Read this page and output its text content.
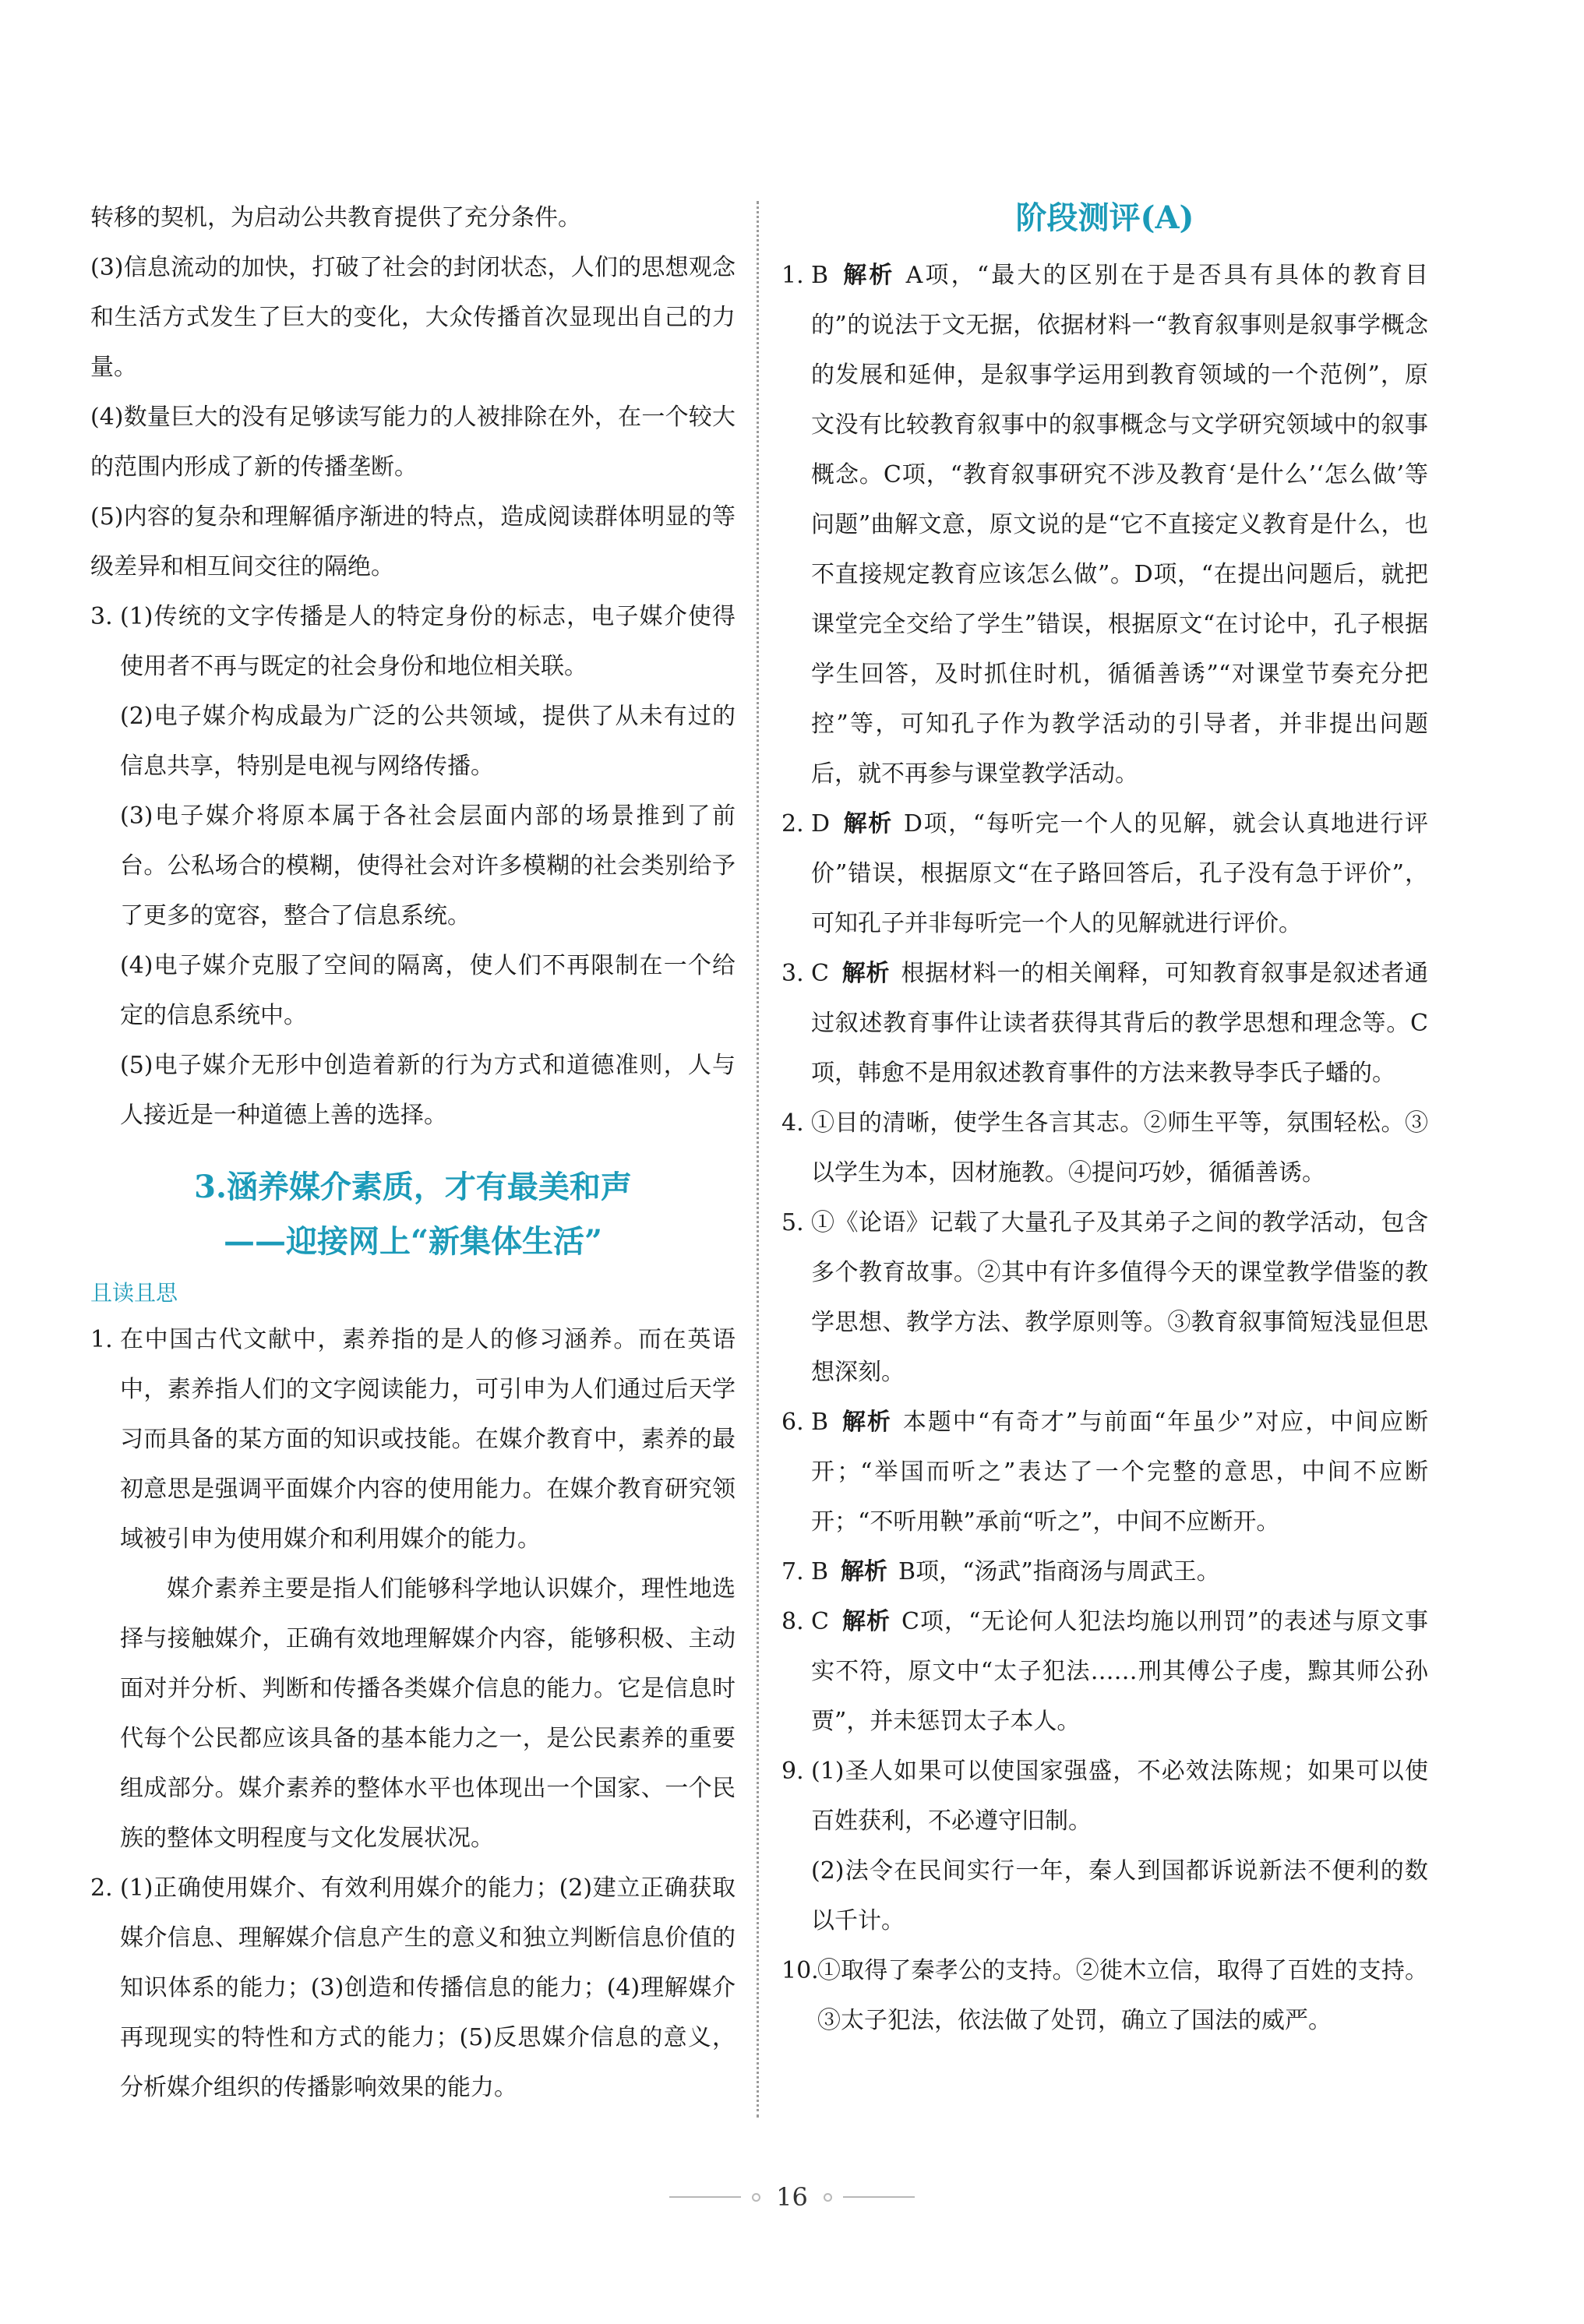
转移的契机，为启动公共教育提供了充分条件。

(3)信息流动的加快，打破了社会的封闭状态，人们的思想观念和生活方式发生了巨大的变化，大众传播首次显现出自己的力量。

(4)数量巨大的没有足够读写能力的人被排除在外，在一个较大的范围内形成了新的传播垄断。

(5)内容的复杂和理解循序渐进的特点，造成阅读群体明显的等级差异和相互间交往的隔绝。

3. (1)传统的文字传播是人的特定身份的标志，电子媒介使得使用者不再与既定的社会身份和地位相关联。

(2)电子媒介构成最为广泛的公共领域，提供了从未有过的信息共享，特别是电视与网络传播。

(3)电子媒介将原本属于各社会层面内部的场景推到了前台。公私场合的模糊，使得社会对许多模糊的社会类别给予了更多的宽容，整合了信息系统。

(4)电子媒介克服了空间的隔离，使人们不再限制在一个给定的信息系统中。

(5)电子媒介无形中创造着新的行为方式和道德准则，人与人接近是一种道德上善的选择。

3.涵养媒介素质，才有最美和声
——迎接网上“新集体生活”
且读且思
1. 在中国古代文献中，素养指的是人的修习涵养。而在英语中，素养指人们的文字阅读能力，可引申为人们通过后天学习而具备的某方面的知识或技能。在媒介教育中，素养的最初意思是强调平面媒介内容的使用能力。在媒介教育研究领域被引申为使用媒介和利用媒介的能力。

媒介素养主要是指人们能够科学地认识媒介，理性地选择与接触媒介，正确有效地理解媒介内容，能够积极、主动面对并分析、判断和传播各类媒介信息的能力。它是信息时代每个公民都应该具备的基本能力之一，是公民素养的重要组成部分。媒介素养的整体水平也体现出一个国家、一个民族的整体文明程度与文化发展状况。

2. (1)正确使用媒介、有效利用媒介的能力；(2)建立正确获取媒介信息、理解媒介信息产生的意义和独立判断信息价值的知识体系的能力；(3)创造和传播信息的能力；(4)理解媒介再现现实的特性和方式的能力；(5)反思媒介信息的意义，分析媒介组织的传播影响效果的能力。

阶段测评(A)
1. B 解析 A项，“最大的区别在于是否具有具体的教育目的”的说法于文无据，依据材料一“教育叙事则是叙事学概念的发展和延伸，是叙事学运用到教育领域的一个范例”，原文没有比较教育叙事中的叙事概念与文学研究领域中的叙事概念。C项，“教育叙事研究不涉及教育‘是什么’‘怎么做’等问题”曲解文意，原文说的是“它不直接定义教育是什么，也不直接规定教育应该怎么做”。D项，“在提出问题后，就把课堂完全交给了学生”错误，根据原文“在讨论中，孔子根据学生回答，及时抓住时机，循循善诱”“对课堂节奏充分把控”等，可知孔子作为教学活动的引导者，并非提出问题后，就不再参与课堂教学活动。

2. D 解析 D项，“每听完一个人的见解，就会认真地进行评价”错误，根据原文“在子路回答后，孔子没有急于评价”，可知孔子并非每听完一个人的见解就进行评价。

3. C 解析 根据材料一的相关阐释，可知教育叙事是叙述者通过叙述教育事件让读者获得其背后的教学思想和理念等。C项，韩愈不是用叙述教育事件的方法来教导李氏子蟠的。

4. ①目的清晰，使学生各言其志。②师生平等，氛围轻松。③以学生为本，因材施教。④提问巧妙，循循善诱。

5. ①《论语》记载了大量孔子及其弟子之间的教学活动，包含多个教育故事。②其中有许多值得今天的课堂教学借鉴的教学思想、教学方法、教学原则等。③教育叙事简短浅显但思想深刻。

6. B 解析 本题中“有奇才”与前面“年虽少”对应，中间应断开；“举国而听之”表达了一个完整的意思，中间不应断开；“不听用鞅”承前“听之”，中间不应断开。

7. B 解析 B项，“汤武”指商汤与周武王。

8. C 解析 C项，“无论何人犯法均施以刑罚”的表述与原文事实不符，原文中“太子犯法……刑其傅公子虔，黥其师公孙贾”，并未惩罚太子本人。

9. (1)圣人如果可以使国家强盛，不必效法陈规；如果可以使百姓获利，不必遵守旧制。

(2)法令在民间实行一年，秦人到国都诉说新法不便利的数以千计。

10.

①取得了秦孝公的支持。②徙木立信，取得了百姓的支持。③太子犯法，依法做了处罚，确立了国法的威严。

16
